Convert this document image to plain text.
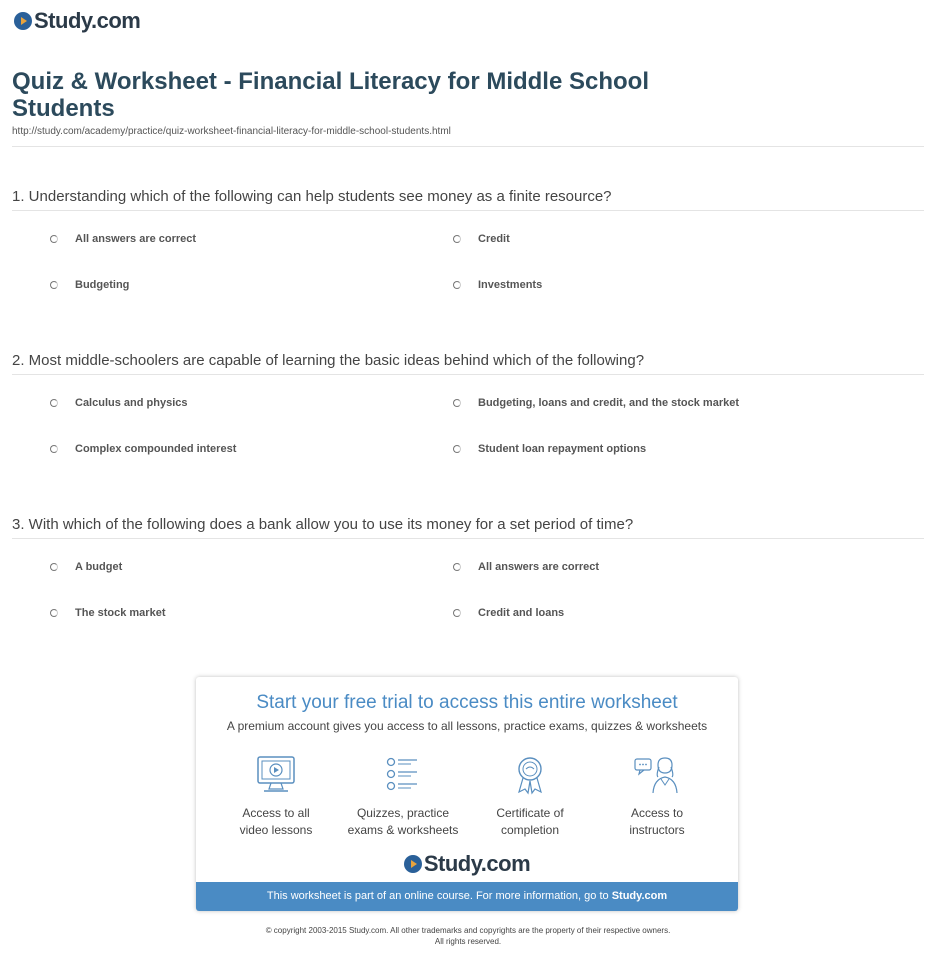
Study.com
Quiz & Worksheet - Financial Literacy for Middle School Students
http://study.com/academy/practice/quiz-worksheet-financial-literacy-for-middle-school-students.html
1. Understanding which of the following can help students see money as a finite resource?
All answers are correct	Credit
Budgeting	Investments
2. Most middle-schoolers are capable of learning the basic ideas behind which of the following?
Calculus and physics	Budgeting, loans and credit, and the stock market
Complex compounded interest	Student loan repayment options
3. With which of the following does a bank allow you to use its money for a set period of time?
A budget	All answers are correct
The stock market	Credit and loans
Start your free trial to access this entire worksheet
A premium account gives you access to all lessons, practice exams, quizzes & worksheets
Access to all
video lessons
Quizzes, practice
exams & worksheets
Certificate of
completion
Access to
instructors
Study.com
This worksheet is part of an online course. For more information, go to Study.com
© copyright 2003-2015 Study.com. All other trademarks and copyrights are the property of their respective owners.
All rights reserved.
